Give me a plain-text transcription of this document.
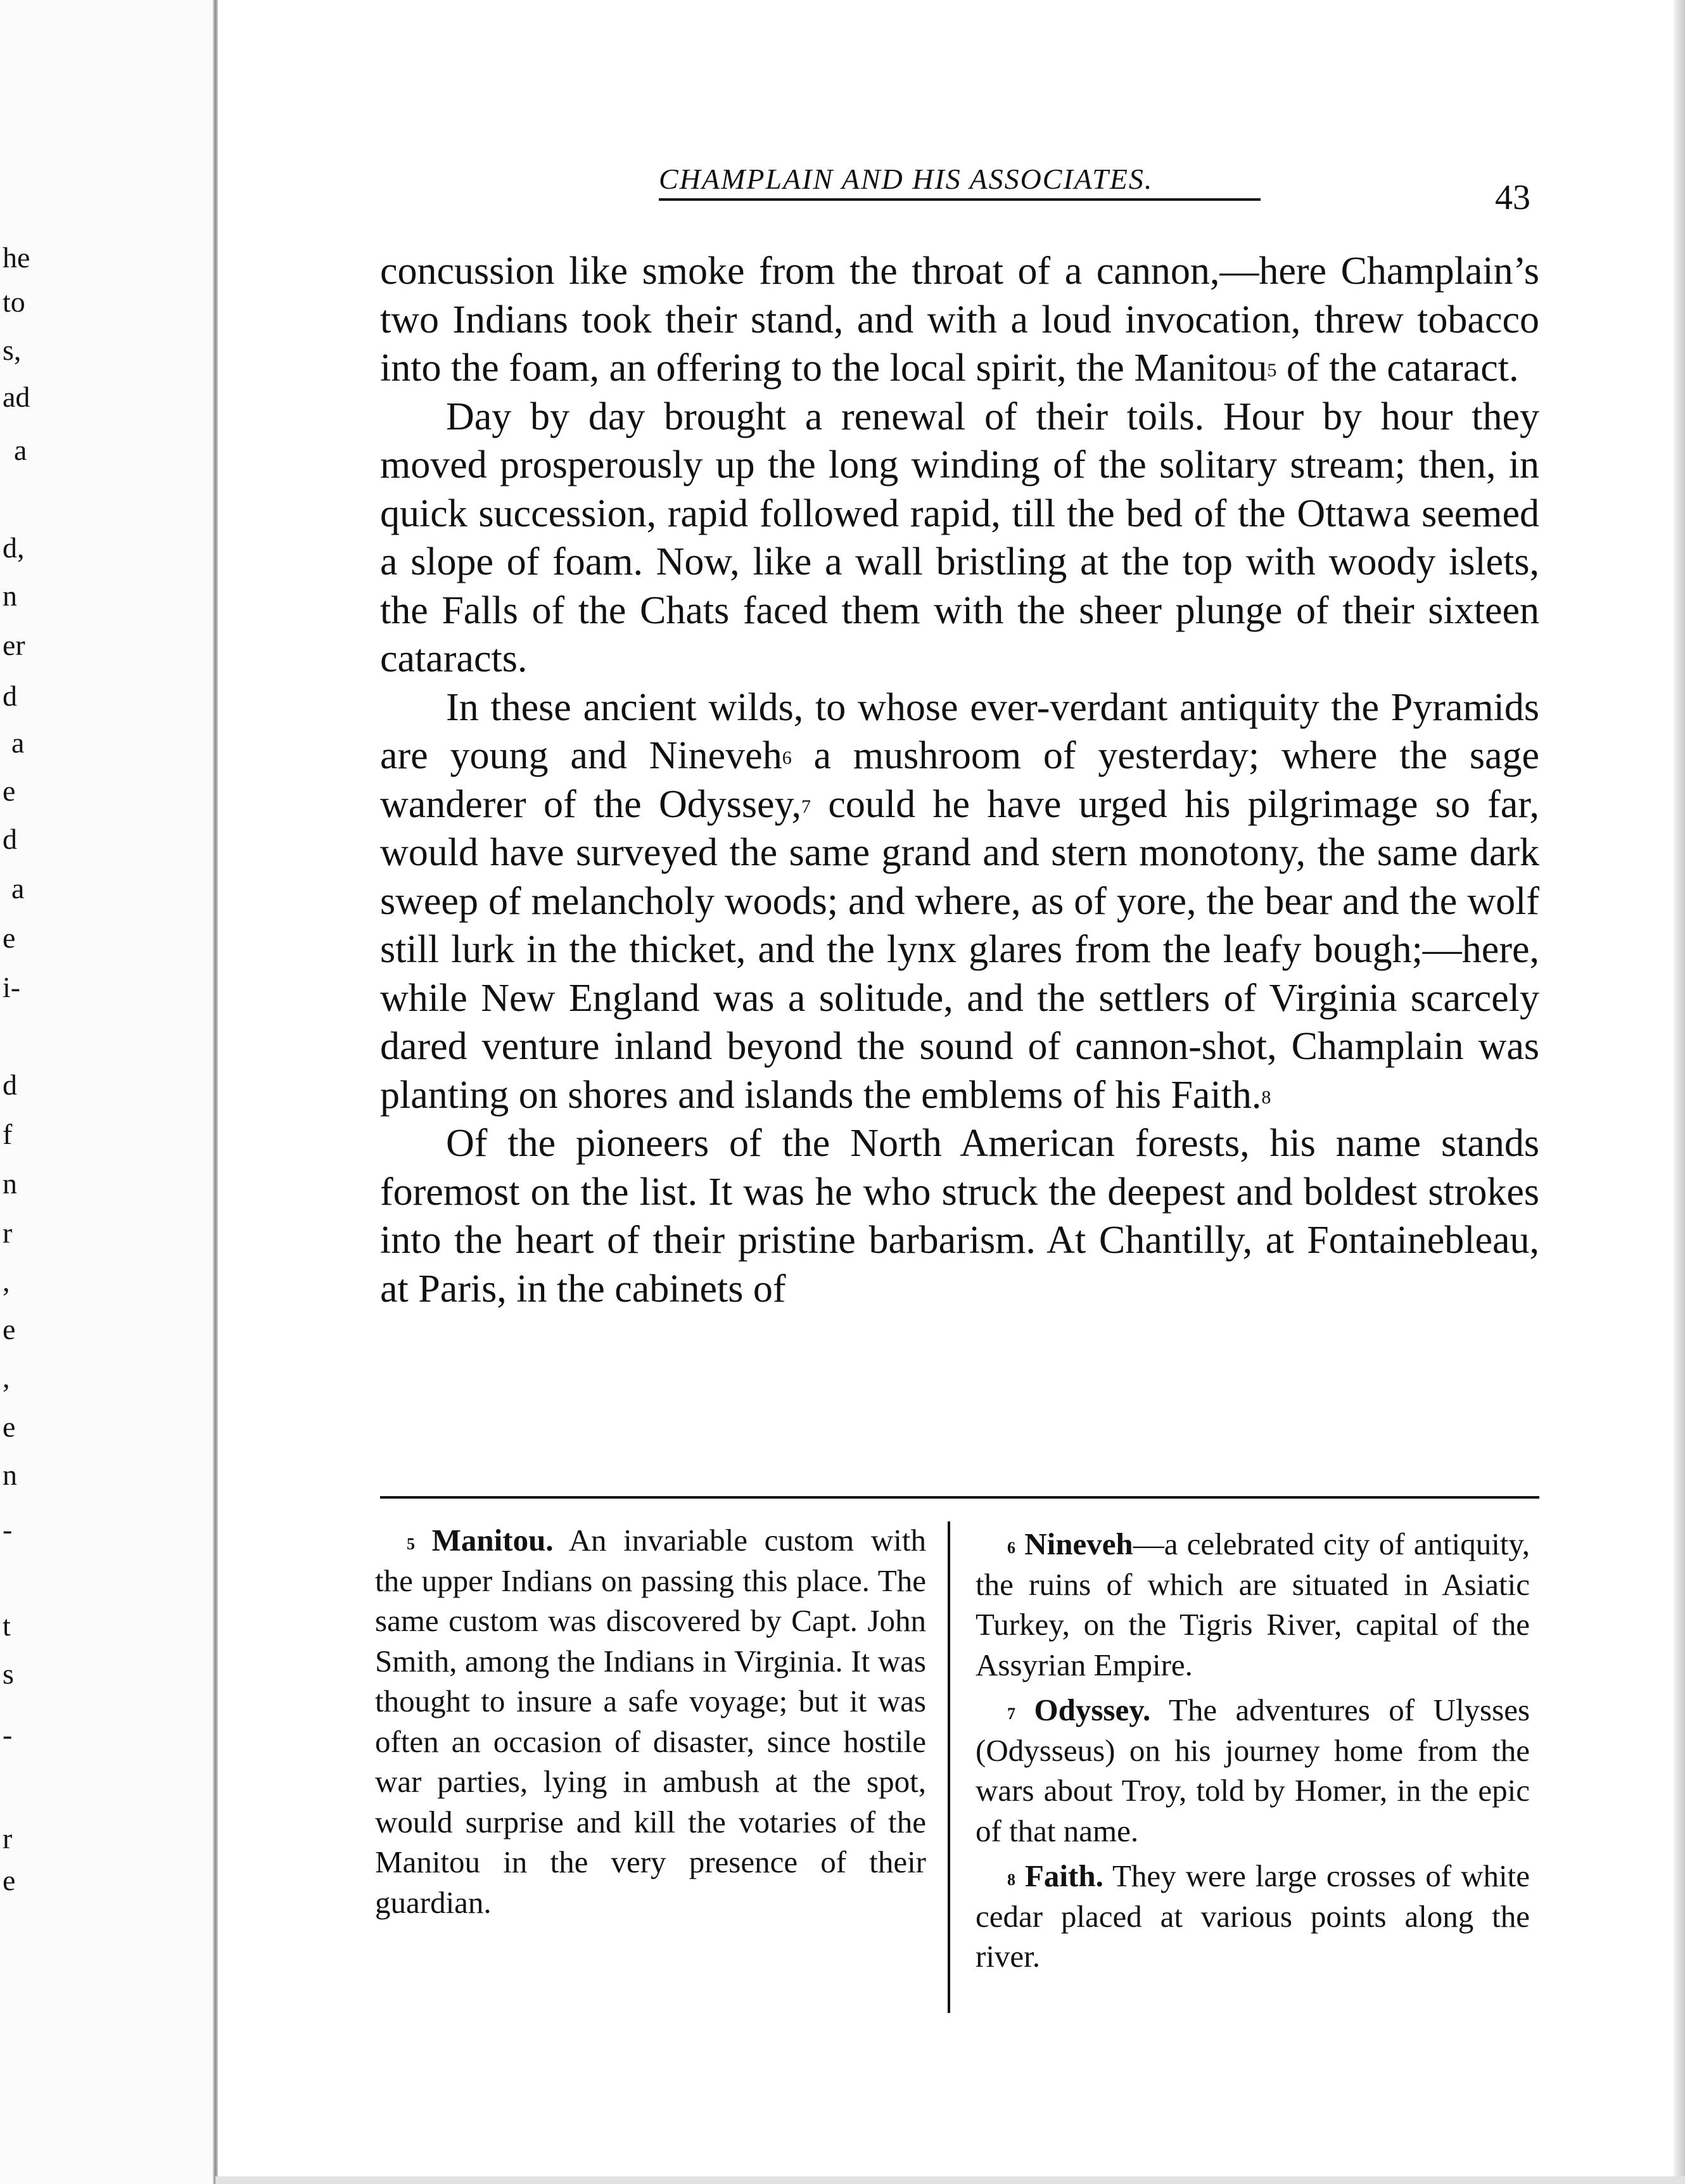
he
to
s,
ad
a
d,
n
er
d
a
e
d
a
e
i-
d
f
n
r
,
e
,
e
n
-
t
s
-
r
e
CHAMPLAIN AND HIS ASSOCIATES.	43

concussion like smoke from the throat of a cannon,—here Champlain’s two Indians took their stand, and with a loud invocation, threw tobacco into the foam, an offering to the local spirit, the Manitou$^5$ of the cataract.

Day by day brought a renewal of their toils. Hour by hour they moved prosperously up the long winding of the solitary stream; then, in quick succession, rapid followed rapid, till the bed of the Ottawa seemed a slope of foam. Now, like a wall bristling at the top with woody islets, the Falls of the Chats faced them with the sheer plunge of their sixteen cataracts.

In these ancient wilds, to whose ever-verdant antiquity the Pyramids are young and Nineveh$^6$ a mushroom of yesterday; where the sage wanderer of the Odyssey,$^7$ could he have urged his pilgrimage so far, would have surveyed the same grand and stern monotony, the same dark sweep of melancholy woods; and where, as of yore, the bear and the wolf still lurk in the thicket, and the lynx glares from the leafy bough;—here, while New England was a solitude, and the settlers of Virginia scarcely dared venture inland beyond the sound of cannon-shot, Champlain was planting on shores and islands the emblems of his Faith.$^8$

Of the pioneers of the North American forests, his name stands foremost on the list. It was he who struck the deepest and boldest strokes into the heart of their pristine barbarism. At Chantilly, at Fontainebleau, at Paris, in the cabinets of

$^5$ Manitou. An invariable custom with the upper Indians on passing this place. The same custom was discovered by Capt. John Smith, among the Indians in Virginia. It was thought to insure a safe voyage; but it was often an occasion of disaster, since hostile war parties, lying in ambush at the spot, would surprise and kill the votaries of the Manitou in the very presence of their guardian.

$^6$ Nineveh—a celebrated city of antiquity, the ruins of which are situated in Asiatic Turkey, on the Tigris River, capital of the Assyrian Empire.

$^7$ Odyssey. The adventures of Ulysses (Odysseus) on his journey home from the wars about Troy, told by Homer, in the epic of that name.

$^8$ Faith. They were large crosses of white cedar placed at various points along the river.
